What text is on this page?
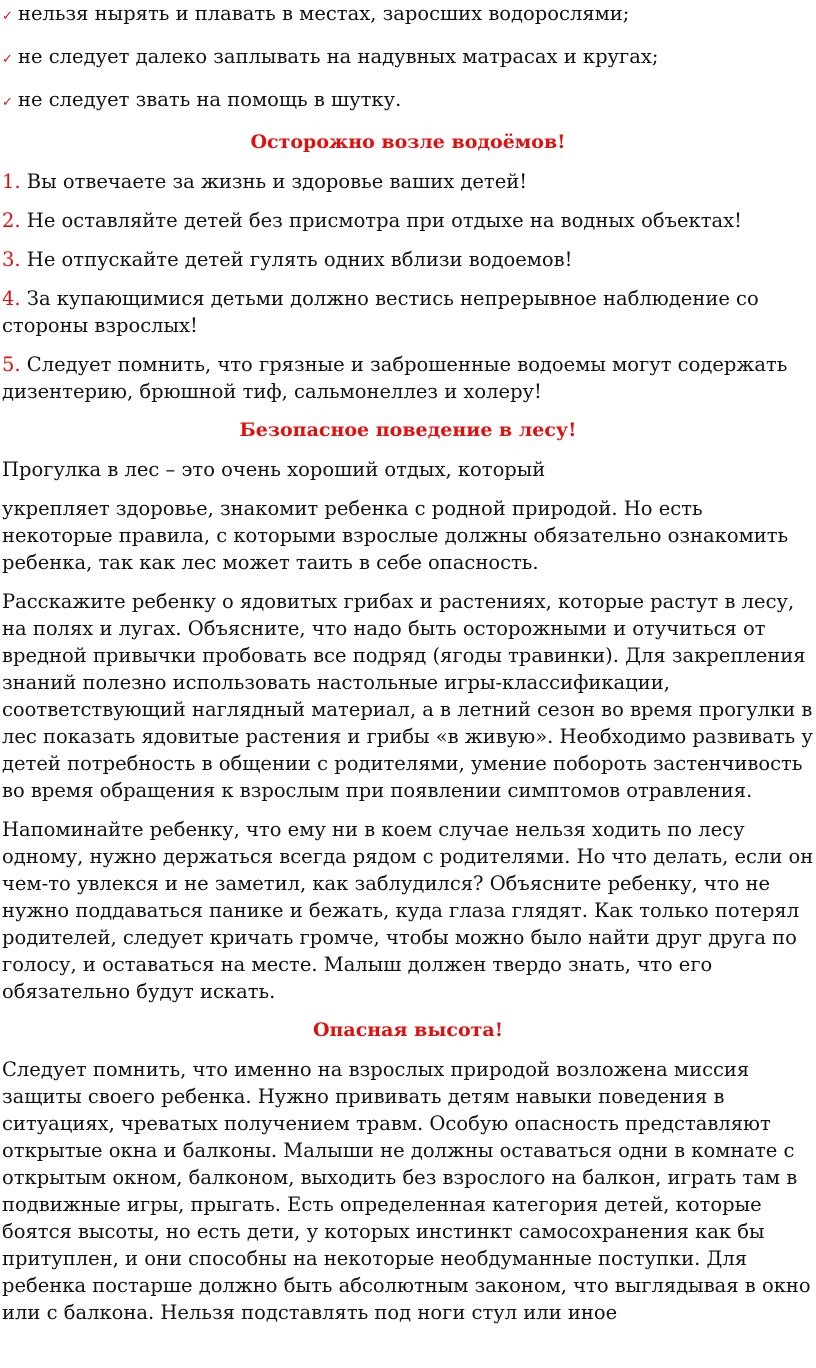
✓ нельзя нырять и плавать в местах, заросших водорослями;
✓ не следует далеко заплывать на надувных матрасах и кругах;
✓ не следует звать на помощь в шутку.
Осторожно возле водоёмов!
1. Вы отвечаете за жизнь и здоровье ваших детей!
2. Не оставляйте детей без присмотра при отдыхе на водных объектах!
3. Не отпускайте детей гулять одних вблизи водоемов!
4. За купающимися детьми должно вестись непрерывное наблюдение со стороны взрослых!
5. Следует помнить, что грязные и заброшенные водоемы могут содержать дизентерию, брюшной тиф, сальмонеллез и холеру!
Безопасное поведение в лесу!

Прогулка в лес – это очень хороший отдых, который

укрепляет здоровье, знакомит ребенка с родной природой. Но есть некоторые правила, с которыми взрослые должны обязательно ознакомить ребенка, так как лес может таить в себе опасность.

Расскажите ребенку о ядовитых грибах и растениях, которые растут в лесу, на полях и лугах. Объясните, что надо быть осторожными и отучиться от вредной привычки пробовать все подряд (ягоды травинки). Для закрепления знаний полезно использовать настольные игры-классификации, соответствующий наглядный материал, а в летний сезон во время прогулки в лес показать ядовитые растения и грибы «в живую». Необходимо развивать у детей потребность в общении с родителями, умение побороть застенчивость во время обращения к взрослым при появлении симптомов отравления.

Напоминайте ребенку, что ему ни в коем случае нельзя ходить по лесу одному, нужно держаться всегда рядом с родителями. Но что делать, если он чем-то увлекся и не заметил, как заблудился? Объясните ребенку, что не нужно поддаваться панике и бежать, куда глаза глядят. Как только потерял родителей, следует кричать громче, чтобы можно было найти друг друга по голосу, и оставаться на месте. Малыш должен твердо знать, что его обязательно будут искать.

Опасная высота!

Следует помнить, что именно на взрослых природой возложена миссия защиты своего ребенка. Нужно прививать детям навыки поведения в ситуациях, чреватых получением травм. Особую опасность представляют открытые окна и балконы. Малыши не должны оставаться одни в комнате с открытым окном, балконом, выходить без взрослого на балкон, играть там в подвижные игры, прыгать. Есть определенная категория детей, которые боятся высоты, но есть дети, у которых инстинкт самосохранения как бы притуплен, и они способны на некоторые необдуманные поступки. Для ребенка постарше должно быть абсолютным законом, что выглядывая в окно или с балкона. Нельзя подставлять под ноги стул или иное
